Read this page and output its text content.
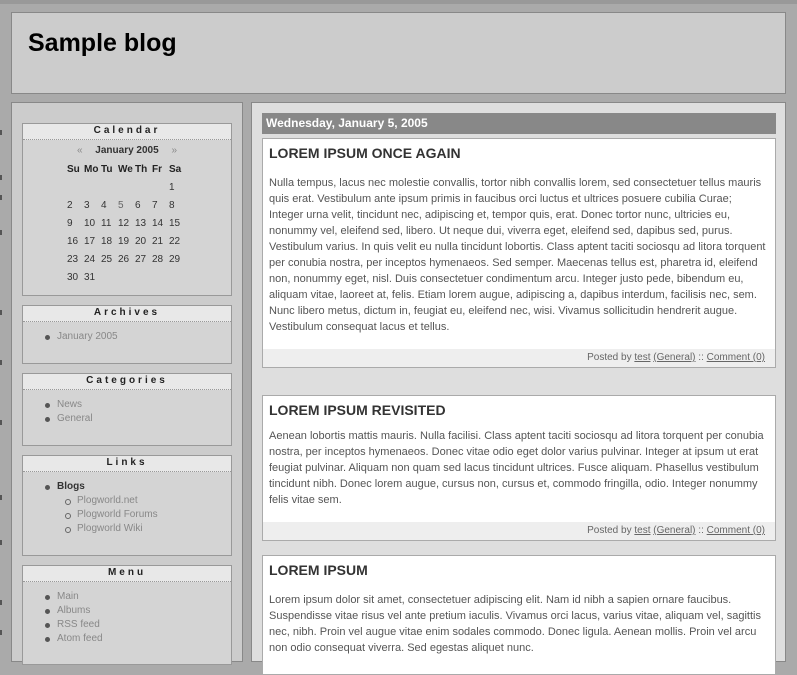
Sample blog
Calendar
« January 2005 »
Su	Mo	Tu	We	Th	Fr	Sa
						1
2	3	4	5	6	7	8
9	10	11	12	13	14	15
16	17	18	19	20	21	22
23	24	25	26	27	28	29
30	31					
Archives
January 2005
Categories
News
General
Links
Blogs
Plogworld.net
Plogworld Forums
Plogworld Wiki
Menu
Main
Albums
RSS feed
Atom feed
Wednesday, January 5, 2005
LOREM IPSUM ONCE AGAIN

Nulla tempus, lacus nec molestie convallis, tortor nibh convallis lorem, sed consectetuer tellus mauris quis erat. Vestibulum ante ipsum primis in faucibus orci luctus et ultrices posuere cubilia Curae; Integer urna velit, tincidunt nec, adipiscing et, tempor quis, erat. Donec tortor nunc, ultricies eu, nonummy vel, eleifend sed, libero. Ut neque dui, viverra eget, eleifend sed, dapibus sed, purus. Vestibulum varius. In quis velit eu nulla tincidunt lobortis. Class aptent taciti sociosqu ad litora torquent per conubia nostra, per inceptos hymenaeos. Sed semper. Maecenas tellus est, pharetra id, eleifend non, nonummy eget, nisl. Duis consectetuer condimentum arcu. Integer justo pede, bibendum eu, aliquam vitae, laoreet at, felis. Etiam lorem augue, adipiscing a, dapibus interdum, facilisis nec, sem. Nunc libero metus, dictum in, feugiat eu, eleifend nec, wisi. Vivamus sollicitudin hendrerit augue. Vestibulum consequat lacus et tellus.

Posted by test (General) :: Comment (0)
LOREM IPSUM REVISITED

Aenean lobortis mattis mauris. Nulla facilisi. Class aptent taciti sociosqu ad litora torquent per conubia nostra, per inceptos hymenaeos. Donec vitae odio eget dolor varius pulvinar. Integer at ipsum ut erat feugiat pulvinar. Aliquam non quam sed lacus tincidunt ultrices. Fusce aliquam. Phasellus vestibulum tincidunt nibh. Donec lorem augue, cursus non, cursus et, commodo fringilla, odio. Integer nonummy felis vitae sem.

Posted by test (General) :: Comment (0)
LOREM IPSUM

Lorem ipsum dolor sit amet, consectetuer adipiscing elit. Nam id nibh a sapien ornare faucibus. Suspendisse vitae risus vel ante pretium iaculis. Vivamus orci lacus, varius vitae, aliquam vel, sagittis nec, nibh. Proin vel augue vitae enim sodales commodo. Donec ligula. Aenean mollis. Proin vel arcu non odio consequat viverra. Sed egestas aliquet nunc.
